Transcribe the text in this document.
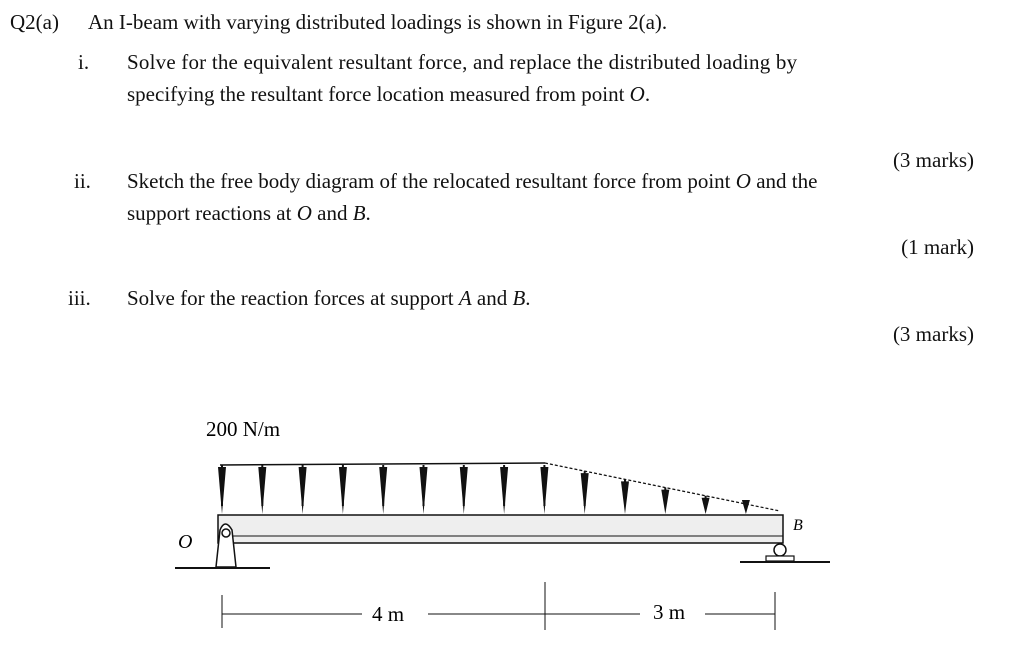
Q2(a) An I-beam with varying distributed loadings is shown in Figure 2(a).
i. Solve for the equivalent resultant force, and replace the distributed loading by
specifying the resultant force location measured from point O.
(3 marks)
ii. Sketch the free body diagram of the relocated resultant force from point O and the
support reactions at O and B.
(1 mark)
iii. Solve for the reaction forces at support A and B.
(3 marks)
200 N/m
O
B
4 m	3 m
